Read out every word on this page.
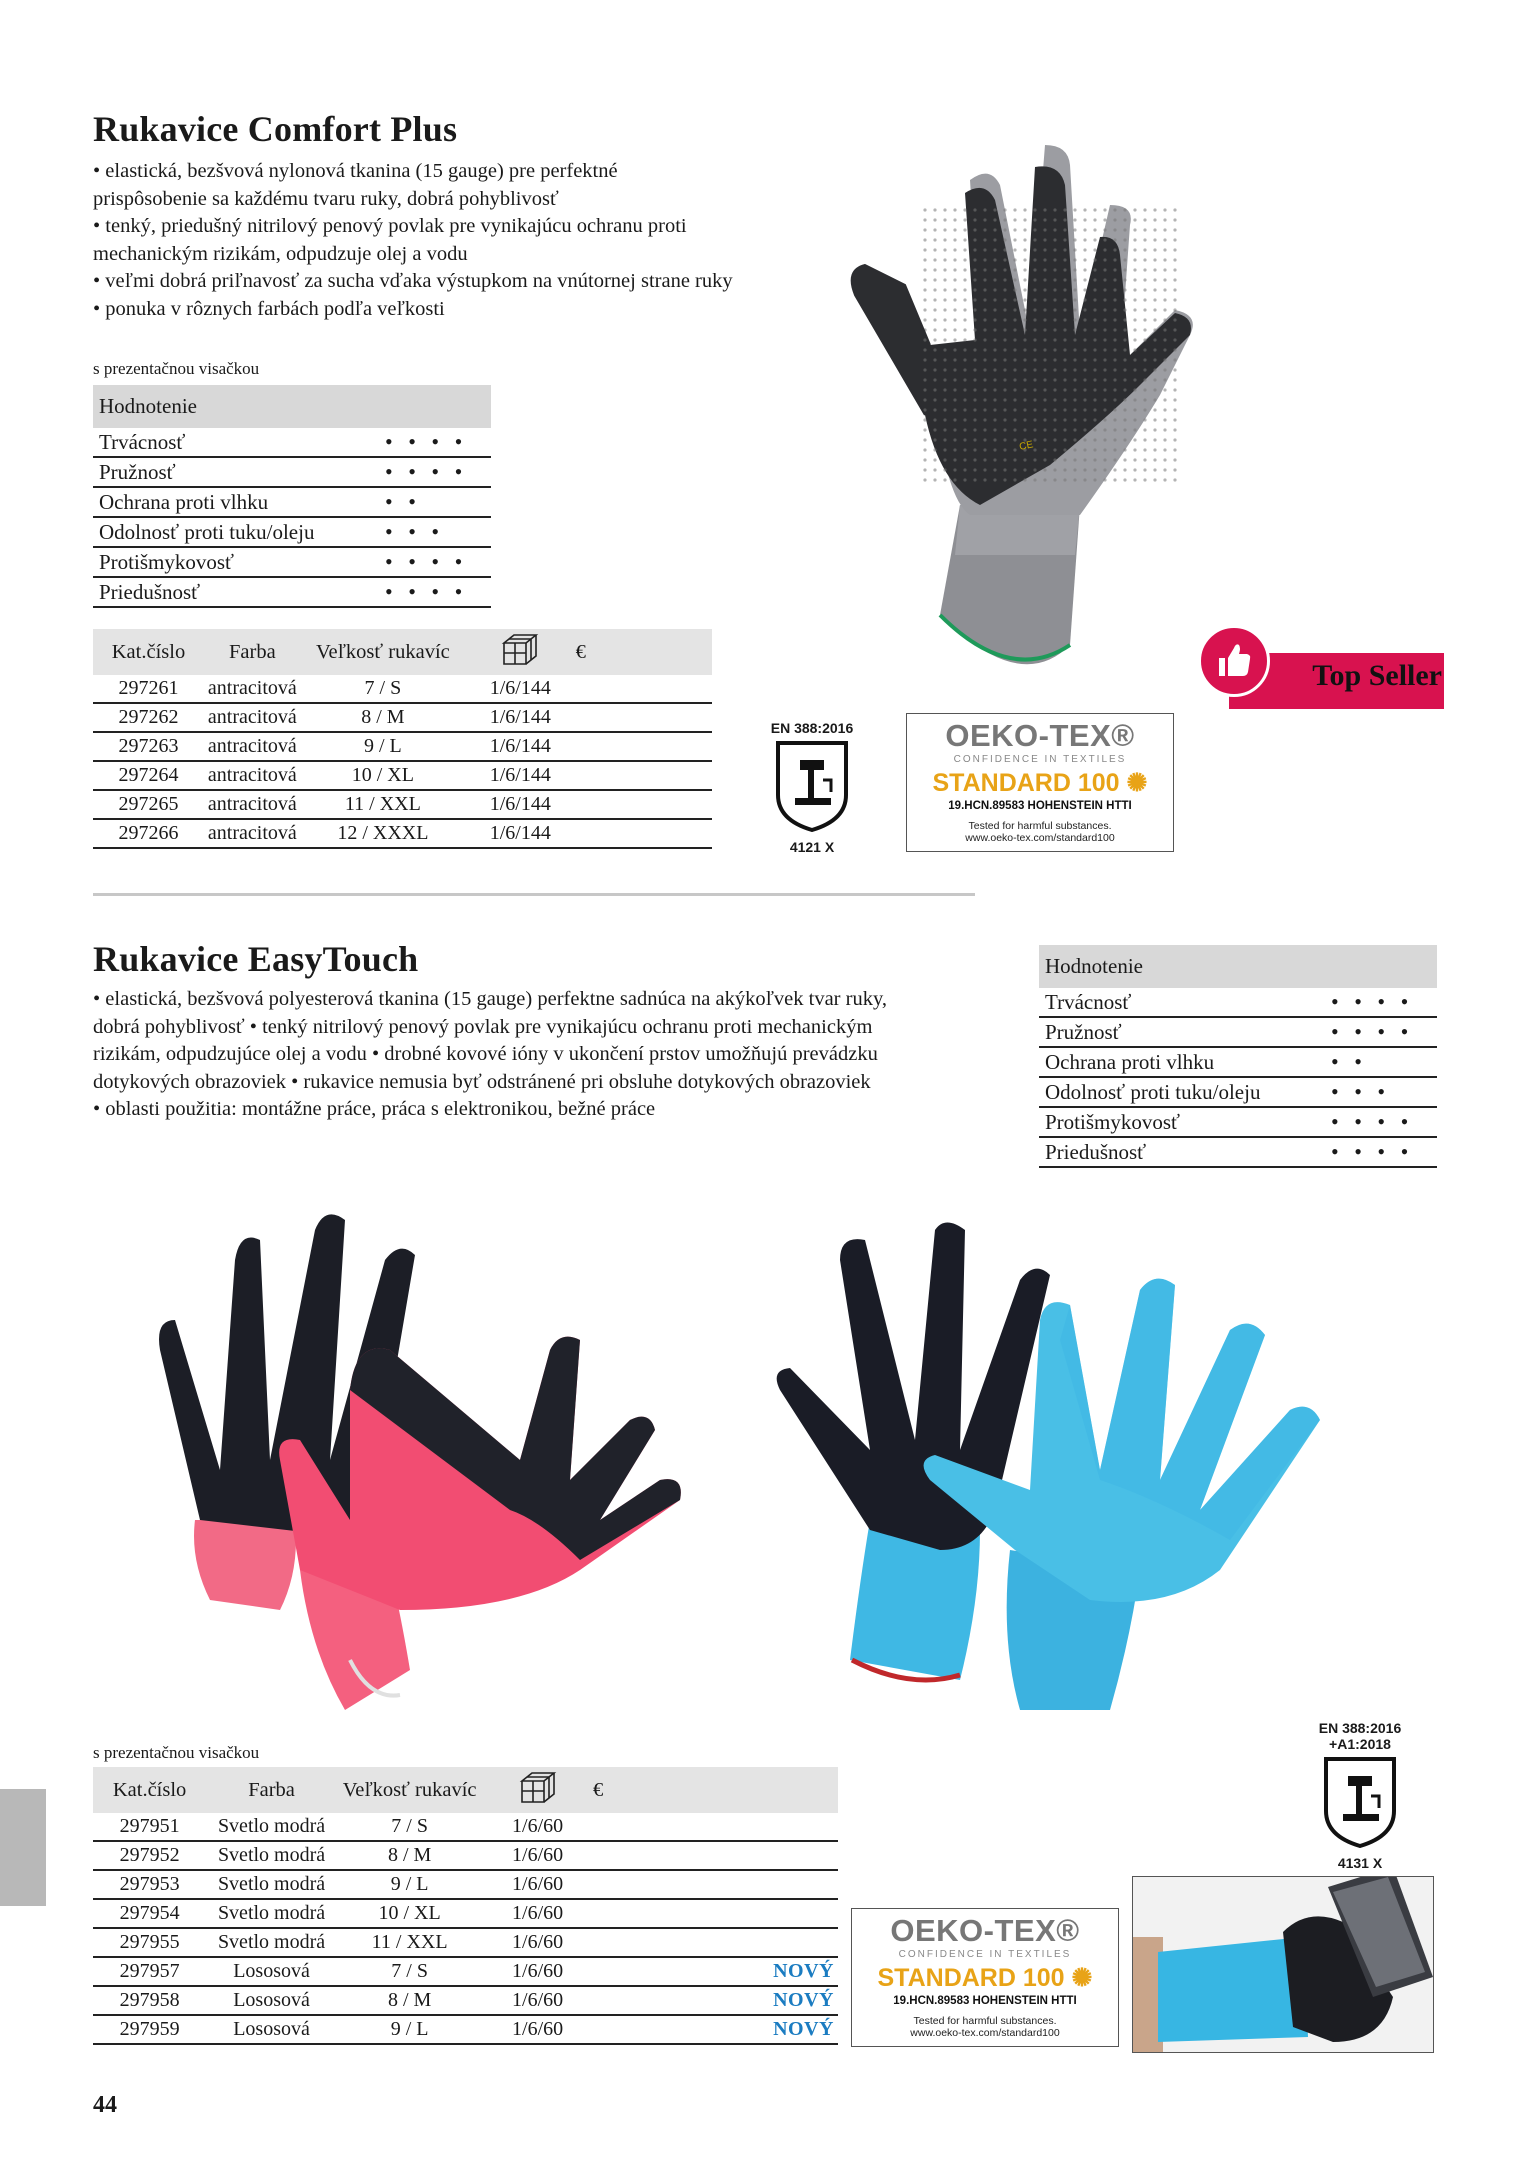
Rukavice Comfort Plus

• elastická, bezšvová nylonová tkanina (15 gauge) pre perfektné

prispôsobenie sa každému tvaru ruky, dobrá pohyblivosť

• tenký, priedušný nitrilový penový povlak pre vynikajúcu ochranu proti

mechanickým rizikám, odpudzuje olej a vodu

• veľmi dobrá priľnavosť za sucha vďaka výstupkom na vnútornej strane ruky

• ponuka v rôznych farbách podľa veľkosti

s prezentačnou visačkou
Hodnotenie	
Trvácnosť	• • • •
Pružnosť	• • • •
Ochrana proti vlhku	• •
Odolnosť proti tuku/oleju	• • •
Protišmykovosť	• • • •
Priedušnosť	• • • •
Kat.číslo	Farba	Veľkosť rukavíc		€
297261	antracitová	7 / S	1/6/144	
297262	antracitová	8 / M	1/6/144	
297263	antracitová	9 / L	1/6/144	
297264	antracitová	10 / XL	1/6/144	
297265	antracitová	11 / XXL	1/6/144	
297266	antracitová	12 / XXXL	1/6/144	
CE
Top Seller
EN 388:2016
4121 X
OEKO-TEX®
CONFIDENCE IN TEXTILES
STANDARD 100 ✺
19.HCN.89583 HOHENSTEIN HTTI
Tested for harmful substances.
www.oeko-tex.com/standard100
Rukavice EasyTouch

• elastická, bezšvová polyesterová tkanina (15 gauge) perfektne sadnúca na akýkoľvek tvar ruky,

dobrá pohyblivosť • tenký nitrilový penový povlak pre vynikajúcu ochranu proti mechanickým

rizikám, odpudzujúce olej a vodu • drobné kovové ióny v ukončení prstov umožňujú prevádzku

dotykových obrazoviek • rukavice nemusia byť odstránené pri obsluhe dotykových obrazoviek

• oblasti použitia: montážne práce, práca s elektronikou, bežné práce

Hodnotenie	
Trvácnosť	• • • •
Pružnosť	• • • •
Ochrana proti vlhku	• •
Odolnosť proti tuku/oleju	• • •
Protišmykovosť	• • • •
Priedušnosť	• • • •
s prezentačnou visačkou
Kat.číslo	Farba	Veľkosť rukavíc		€
297951	Svetlo modrá	7 / S	1/6/60	
297952	Svetlo modrá	8 / M	1/6/60	
297953	Svetlo modrá	9 / L	1/6/60	
297954	Svetlo modrá	10 / XL	1/6/60	
297955	Svetlo modrá	11 / XXL	1/6/60	
297957	Lososová	7 / S	1/6/60	NOVÝ
297958	Lososová	8 / M	1/6/60	NOVÝ
297959	Lososová	9 / L	1/6/60	NOVÝ
EN 388:2016
+A1:2018
4131 X
OEKO-TEX®
CONFIDENCE IN TEXTILES
STANDARD 100 ✺
19.HCN.89583 HOHENSTEIN HTTI
Tested for harmful substances.
www.oeko-tex.com/standard100
44
